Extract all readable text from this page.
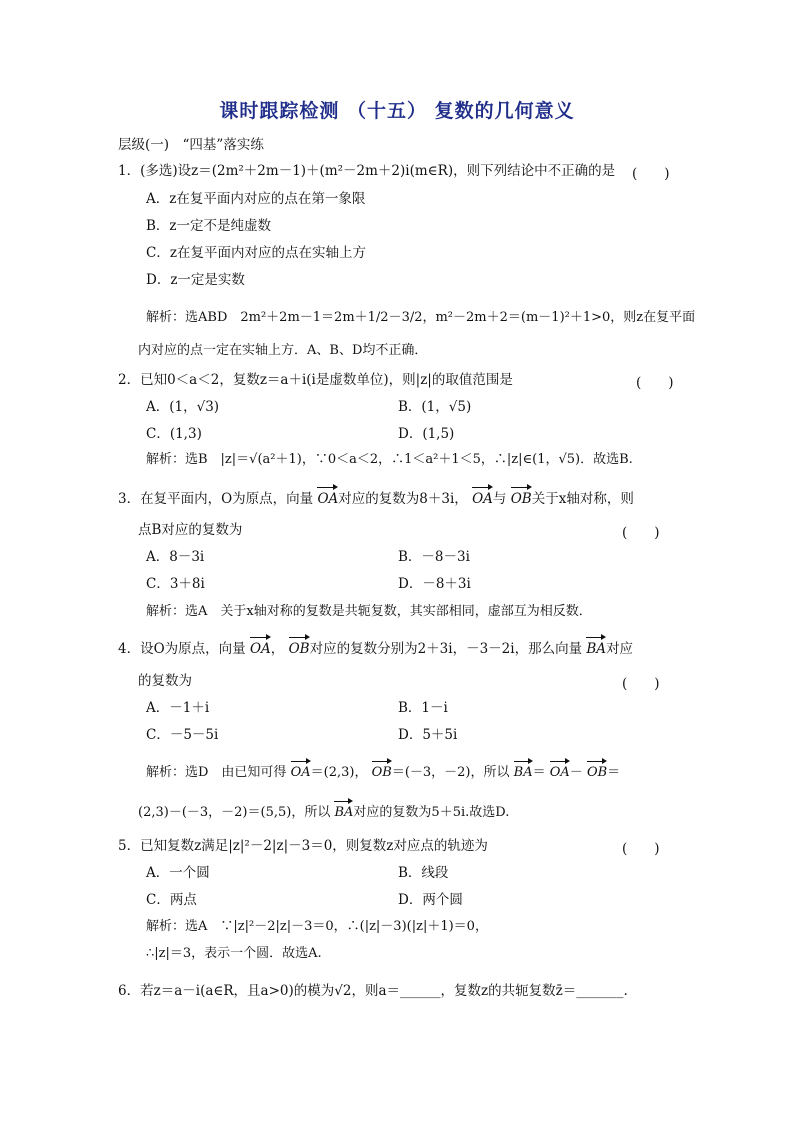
课时跟踪检测 （十五） 复数的几何意义
层级(一)　“四基”落实练
1．(多选)设z＝(2m²＋2m－1)＋(m²－2m＋2)i(m∈R)，则下列结论中不正确的是 (　　)
A．z在复平面内对应的点在第一象限
B．z一定不是纯虚数
C．z在复平面内对应的点在实轴上方
D．z一定是实数
解析：选ABD　2m²＋2m－1＝2m＋1/2－3/2，m²－2m＋2＝(m－1)²＋1>0，则z在复平面
内对应的点一定在实轴上方．A、B、D均不正确．
2．已知0＜a＜2，复数z＝a＋i(i是虚数单位)，则|z|的取值范围是	(　　)
A．(1，√3)	B．(1，√5)
C．(1,3)	D．(1,5)
解析：选B　|z|＝√(a²＋1)，∵0＜a＜2，∴1＜a²＋1＜5，∴|z|∈(1，√5)．故选B.
3．在复平面内，O为原点，向量 OA对应的复数为8＋3i， OA与 OB关于x轴对称，则
点B对应的复数为	(　　)
A．8－3i	B．－8－3i
C．3＋8i	D．－8＋3i
解析：选A　关于x轴对称的复数是共轭复数，其实部相同，虚部互为相反数．
4．设O为原点，向量 OA， OB对应的复数分别为2＋3i，－3－2i，那么向量 BA对应
的复数为	(　　)
A．－1＋i	B．1－i
C．－5－5i	D．5＋5i
解析：选D　由已知可得 OA＝(2,3)， OB＝(－3，－2)，所以 BA＝ OA－ OB＝
(2,3)－(－3，－2)＝(5,5)，所以 BA对应的复数为5＋5i.故选D.
5．已知复数z满足|z|²－2|z|－3＝0，则复数z对应点的轨迹为	(　　)
A．一个圆	B．线段
C．两点	D．两个圆
解析：选A　∵|z|²－2|z|－3＝0，∴(|z|－3)(|z|＋1)＝0，
∴|z|＝3，表示一个圆．故选A.
6．若z＝a－i(a∈R，且a>0)的模为√2，则a＝______，复数z的共轭复数z̄＝_______.
